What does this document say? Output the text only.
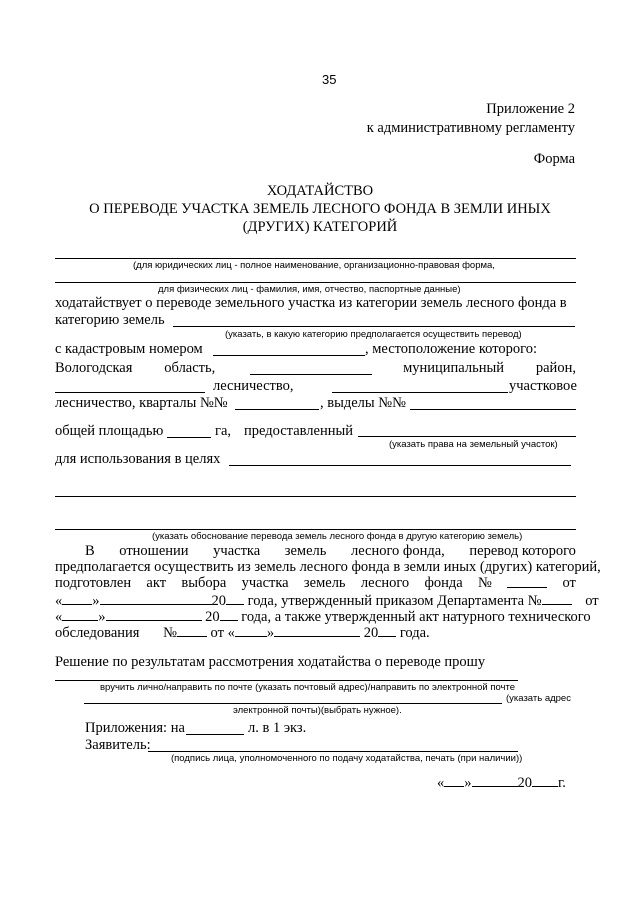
35
Приложение 2
к административному регламенту
Форма
ХОДАТАЙСТВО
О ПЕРЕВОДЕ УЧАСТКА ЗЕМЕЛЬ ЛЕСНОГО ФОНДА В ЗЕМЛИ ИНЫХ
(ДРУГИХ) КАТЕГОРИЙ
(для юридических лиц - полное наименование, организационно-правовая форма,
для физических лиц - фамилия, имя, отчество, паспортные данные)
ходатайствует о переводе земельного участка из категории земель лесного фонда в
категорию земель
(указать, в какую категорию предполагается осуществить перевод)
с кадастровым номером	, местоположение которого:
Вологодская область,	муниципальный район,
лесничество,	участковое
лесничество, кварталы №№	, выделы №№
общей площадью	га, предоставленный
(указать права на земельный участок)
для использования в целях
(указать обоснование перевода земель лесного фонда в другую категорию земель)
В отношении участка земель лесного фонда, перевод которого
предполагается осуществить из земель лесного фонда в земли иных (других) категорий,
подготовлен акт выбора участка земель лесного фонда №	от
« »	20 года, утвержденный приказом Департамента №	от
« »	20 года, а также утвержденный акт натурного технического
обследования № от « »	20 года.
Решение по результатам рассмотрения ходатайства о переводе прошу
вручить лично/направить по почте (указать почтовый адрес)/направить по электронной почте
(указать адрес
электронной почты)(выбрать нужное).
Приложения: на	л. в 1 экз.
Заявитель:
(подпись лица, уполномоченного по подачу ходатайства, печать (при наличии))
« »	20 г.
